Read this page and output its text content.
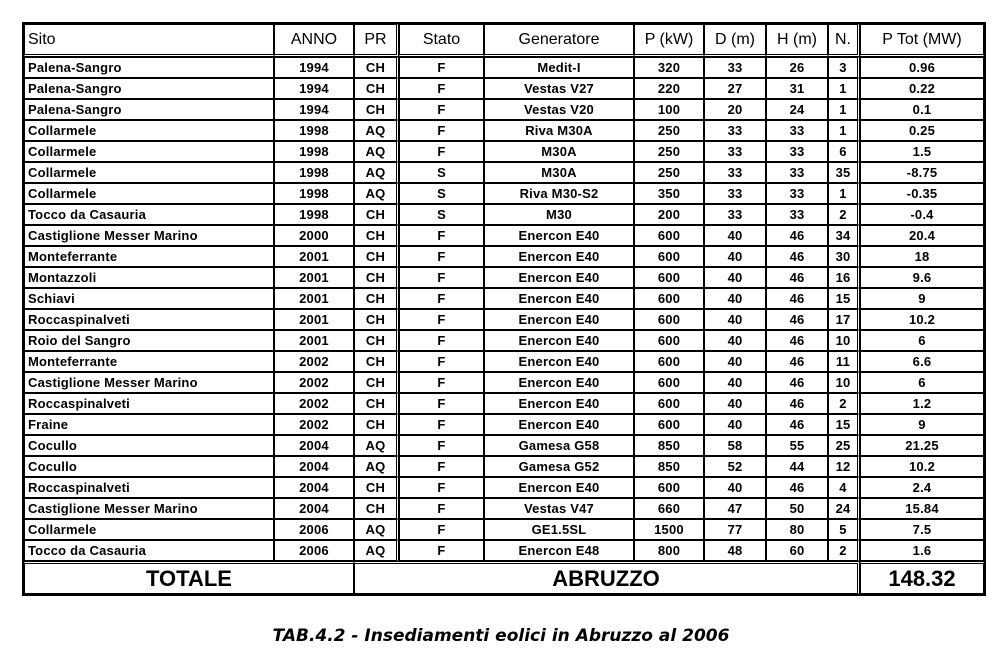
Sito	ANNO	PR	Stato	Generatore	P (kW)	D (m)	H (m)	N.	P Tot (MW)
Palena-Sangro	1994	CH	F	Medit-I	320	33	26	3	0.96
Palena-Sangro	1994	CH	F	Vestas V27	220	27	31	1	0.22
Palena-Sangro	1994	CH	F	Vestas V20	100	20	24	1	0.1
Collarmele	1998	AQ	F	Riva M30A	250	33	33	1	0.25
Collarmele	1998	AQ	F	M30A	250	33	33	6	1.5
Collarmele	1998	AQ	S	M30A	250	33	33	35	-8.75
Collarmele	1998	AQ	S	Riva M30-S2	350	33	33	1	-0.35
Tocco da Casauria	1998	CH	S	M30	200	33	33	2	-0.4
Castiglione Messer Marino	2000	CH	F	Enercon E40	600	40	46	34	20.4
Monteferrante	2001	CH	F	Enercon E40	600	40	46	30	18
Montazzoli	2001	CH	F	Enercon E40	600	40	46	16	9.6
Schiavi	2001	CH	F	Enercon E40	600	40	46	15	9
Roccaspinalveti	2001	CH	F	Enercon E40	600	40	46	17	10.2
Roio del Sangro	2001	CH	F	Enercon E40	600	40	46	10	6
Monteferrante	2002	CH	F	Enercon E40	600	40	46	11	6.6
Castiglione Messer Marino	2002	CH	F	Enercon E40	600	40	46	10	6
Roccaspinalveti	2002	CH	F	Enercon E40	600	40	46	2	1.2
Fraine	2002	CH	F	Enercon E40	600	40	46	15	9
Cocullo	2004	AQ	F	Gamesa G58	850	58	55	25	21.25
Cocullo	2004	AQ	F	Gamesa G52	850	52	44	12	10.2
Roccaspinalveti	2004	CH	F	Enercon E40	600	40	46	4	2.4
Castiglione Messer Marino	2004	CH	F	Vestas V47	660	47	50	24	15.84
Collarmele	2006	AQ	F	GE1.5SL	1500	77	80	5	7.5
Tocco da Casauria	2006	AQ	F	Enercon E48	800	48	60	2	1.6
TOTALE		ABRUZZO							148.32
TAB.4.2 - Insediamenti eolici in Abruzzo al 2006
